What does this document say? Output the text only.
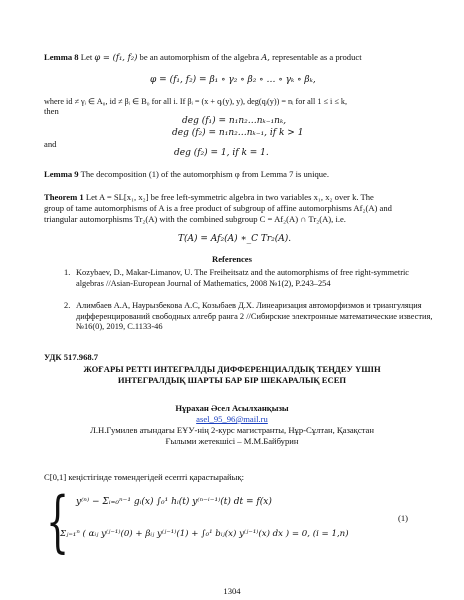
Lemma 8 Let φ = (f₁, f₂) be an automorphism of the algebra A, representable as a product
φ = (f₁, f₂) = β₁ ∘ γ₂ ∘ β₂ ∘ … ∘ γₖ ∘ βₖ,
where id ≠ γᵢ ∈ A₀, id ≠ βᵢ ∈ B₀ for all i. If βᵢ = (x + qᵢ(y), y), deg(qᵢ(y)) = nᵢ for all 1 ≤ i ≤ k,
then
deg (f₁) = n₁n₂…nₖ₋₁nₖ,
deg (f₂) = n₁n₂…nₖ₋₁, if k > 1
and
deg (f₂) = 1, if k = 1.
Lemma 9 The decomposition (1) of the automorphism φ from Lemma 7 is unique.
Theorem 1 Let A = SL[x₁, x₂] be free left-symmetric algebra in two variables x₁, x₂ over k. The
group of tame automorphisms of A is a free product of subgroup of affine automorphisms Af₂(A) and
triangular automorphisms Tr₂(A) with the combined subgroup C = Af₂(A) ∩ Tr₂(A), i.e.
T(A) = Af₂(A) ∗_C Tr₂(A).
References
1. Kozybaev, D., Makar-Limanov, U. The Freiheitsatz and the automorphisms of free right-symmetric algebras //Asian-European Journal of Mathematics, 2008 №1(2), P.243–254
2. Алимбаев А.А, Наурызбекова А.С, Козыбаев Д.Х. Линеаризация автоморфизмов и триангуляция дифференцирований свободных алгебр ранга 2 //Сибирские электронные математические известия, №16(0), 2019, C.1133-46
УДК 517.968.7
ЖОҒАРЫ РЕТТІ ИНТЕГРАЛДЫ ДИФФЕРЕНЦИАЛДЫҚ ТЕҢДЕУ ҮШІН
ИНТЕГРАЛДЫҚ ШАРТЫ БАР БІР ШЕКАРАЛЫҚ ЕСЕП
Нұрахан Әсел Асылханқызы
asel_95_96@mail.ru
Л.Н.Гумилев атындағы ЕҰУ-нің 2-курс магистранты, Нұр-Сұлтан, Қазақстан
Ғылыми жетекшісі – М.М.Байбурин
C[0,1] кеңістігінде төмендегідей есепті қарастырайық:
{ y⁽ⁿ⁾ − Σᵢ₌₀ⁿ⁻¹ gᵢ(x) ∫₀¹ hᵢ(t) y⁽ⁿ⁻ⁱ⁻¹⁾(t) dt = f(x)
Σⱼ₌₁ⁿ ( αᵢⱼ y⁽ʲ⁻¹⁾(0) + βᵢⱼ y⁽ʲ⁻¹⁾(1) + ∫₀¹ bᵢⱼ(x) y⁽ʲ⁻¹⁾(x) dx ) = 0, (i = 1,n)
(1)
1304
